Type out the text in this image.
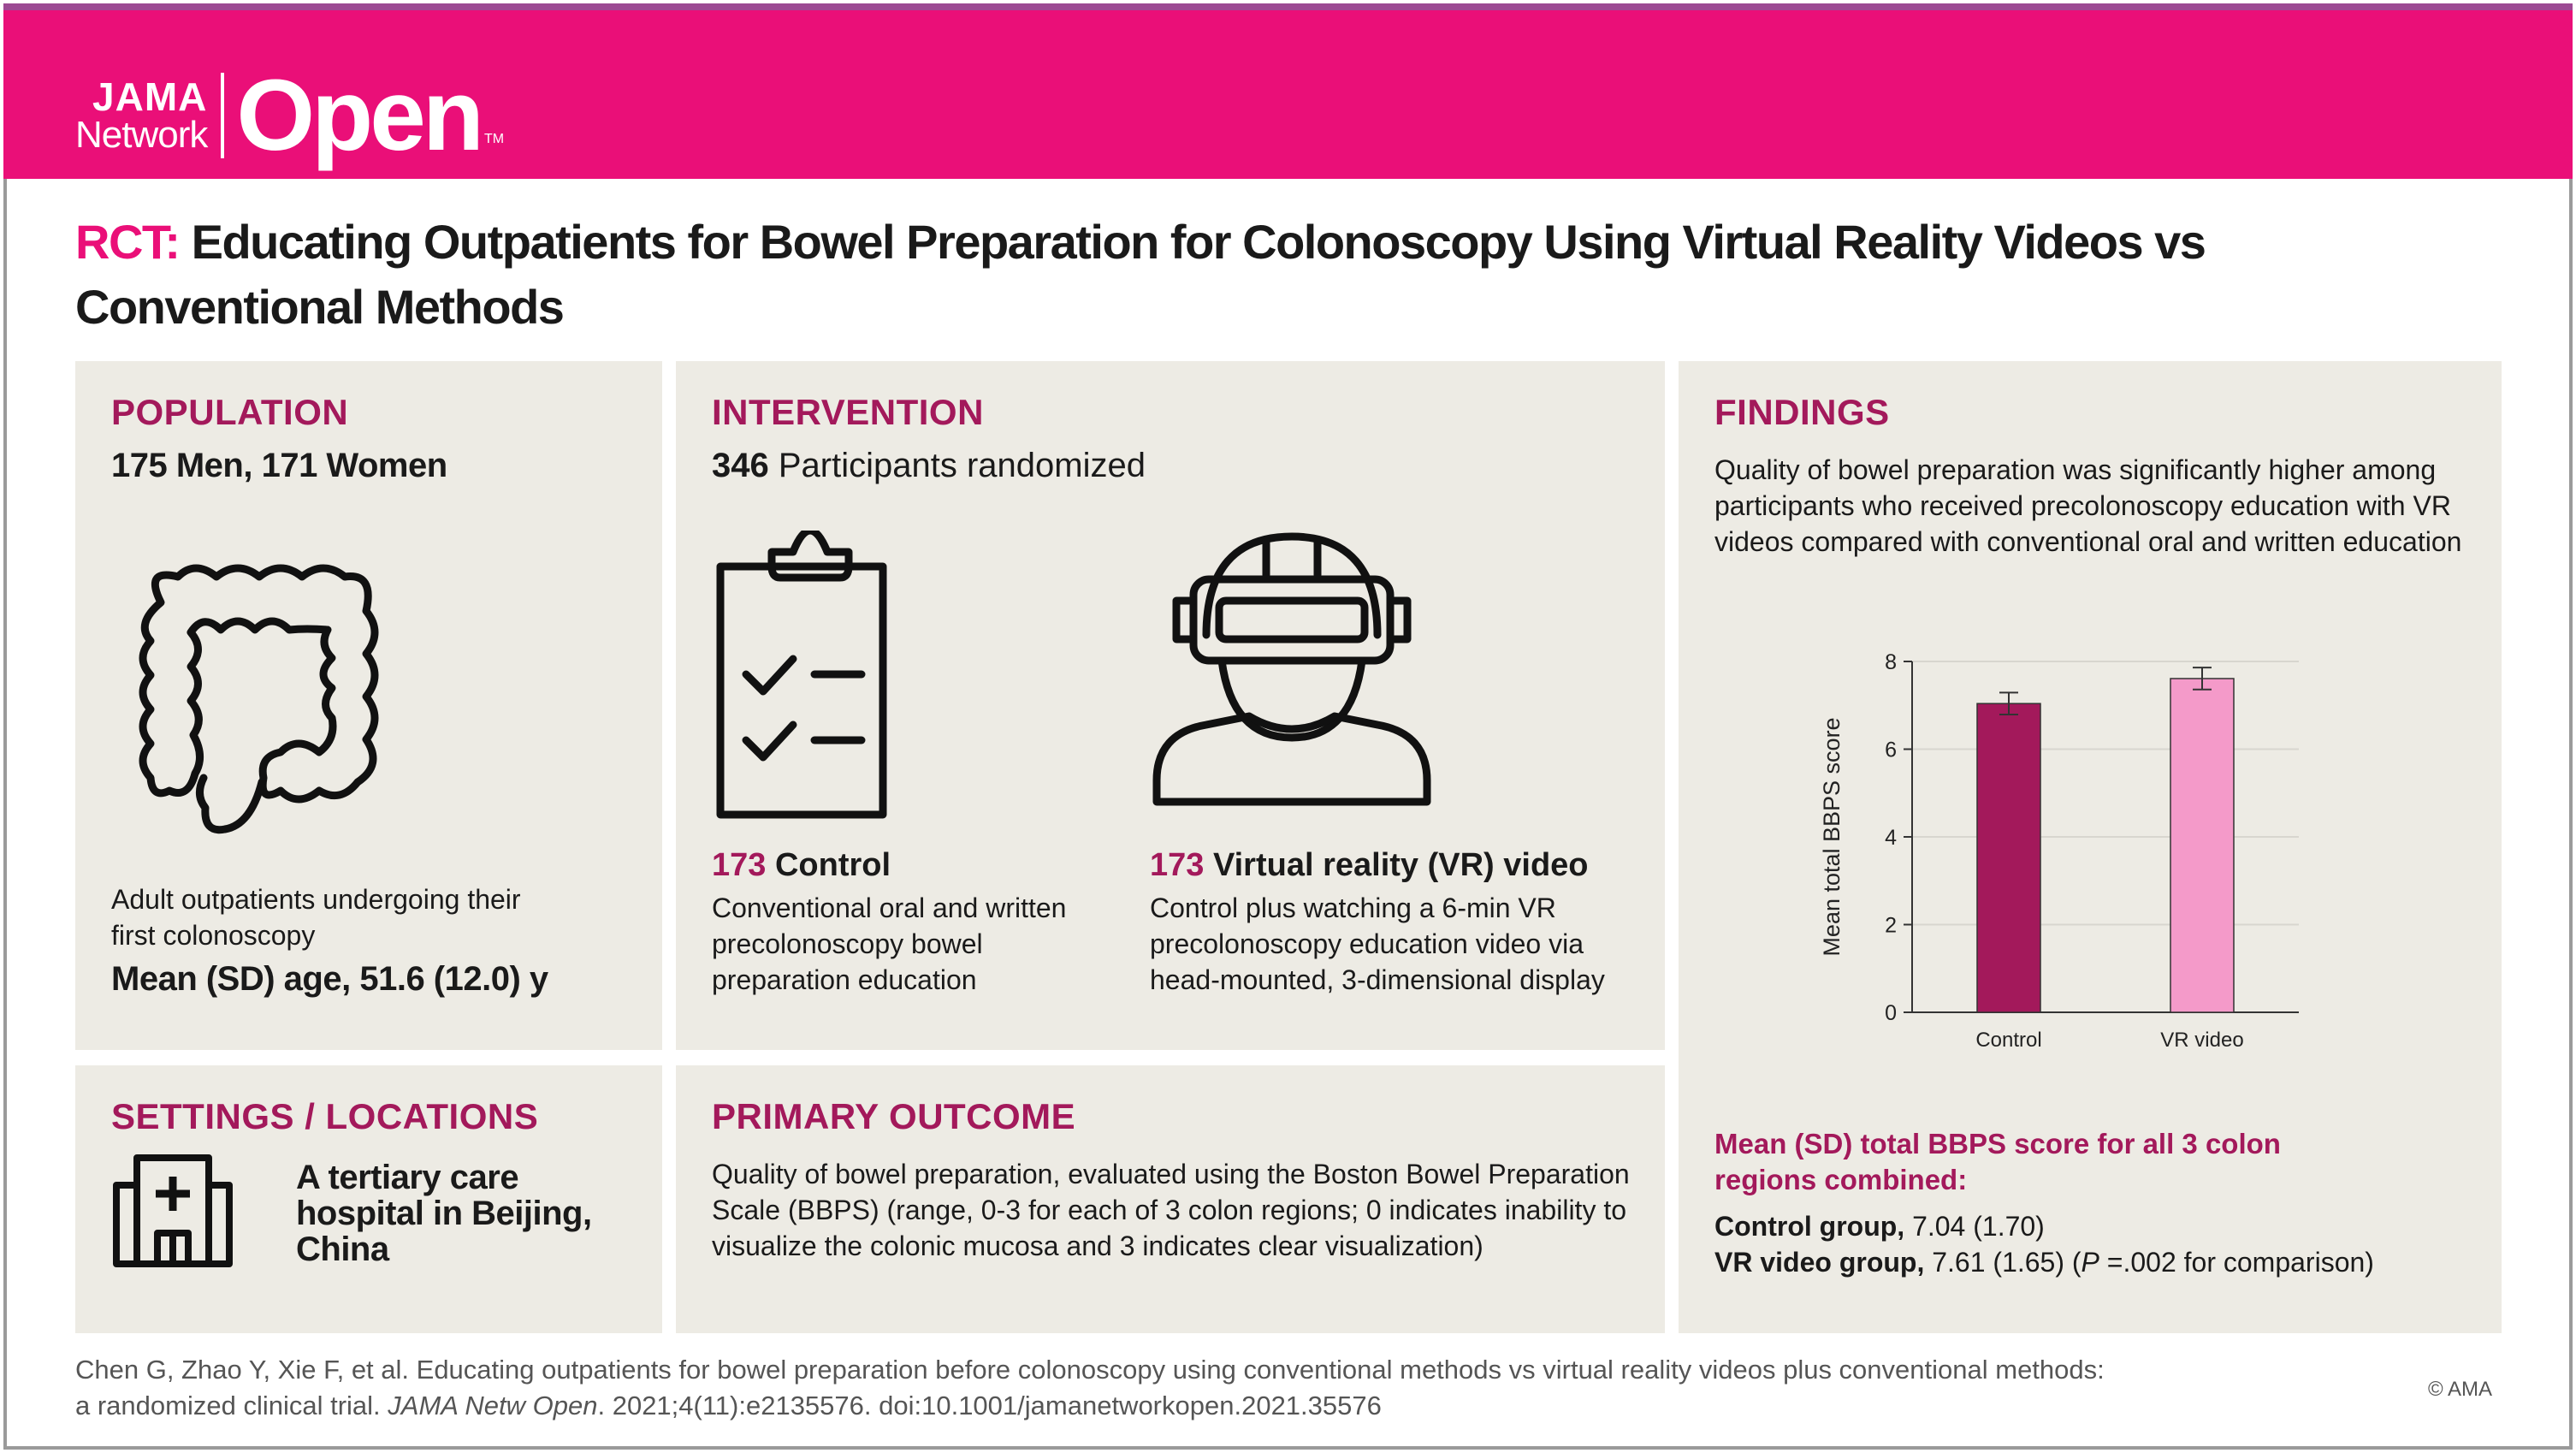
JAMA
Network Open TM
RCT: Educating Outpatients for Bowel Preparation for Colonoscopy Using Virtual Reality Videos vs Conventional Methods
POPULATION
175 Men, 171 Women
Adult outpatients undergoing their
first colonoscopy
Mean (SD) age, 51.6 (12.0) y
INTERVENTION
346 Participants randomized
173 Control
Conventional oral and written
precolonoscopy bowel
preparation education
173 Virtual reality (VR) video
Control plus watching a 6-min VR
precolonoscopy education video via
head-mounted, 3-dimensional display
FINDINGS
Quality of bowel preparation was significantly higher among
participants who received precolonoscopy education with VR
videos compared with conventional oral and written education
Mean (SD) total BBPS score for all 3 colon
regions combined:
Control group, 7.04 (1.70)
VR video group, 7.61 (1.65) (P =.002 for comparison)
0
2
4
6
8
Mean total BBPS score
Control	VR video
SETTINGS / LOCATIONS
A tertiary care
hospital in Beijing,
China
PRIMARY OUTCOME
Quality of bowel preparation, evaluated using the Boston Bowel Preparation
Scale (BBPS) (range, 0-3 for each of 3 colon regions; 0 indicates inability to
visualize the colonic mucosa and 3 indicates clear visualization)
Chen G, Zhao Y, Xie F, et al. Educating outpatients for bowel preparation before colonoscopy using conventional methods vs virtual reality videos plus conventional methods:
a randomized clinical trial. JAMA Netw Open. 2021;4(11):e2135576. doi:10.1001/jamanetworkopen.2021.35576
© AMA
